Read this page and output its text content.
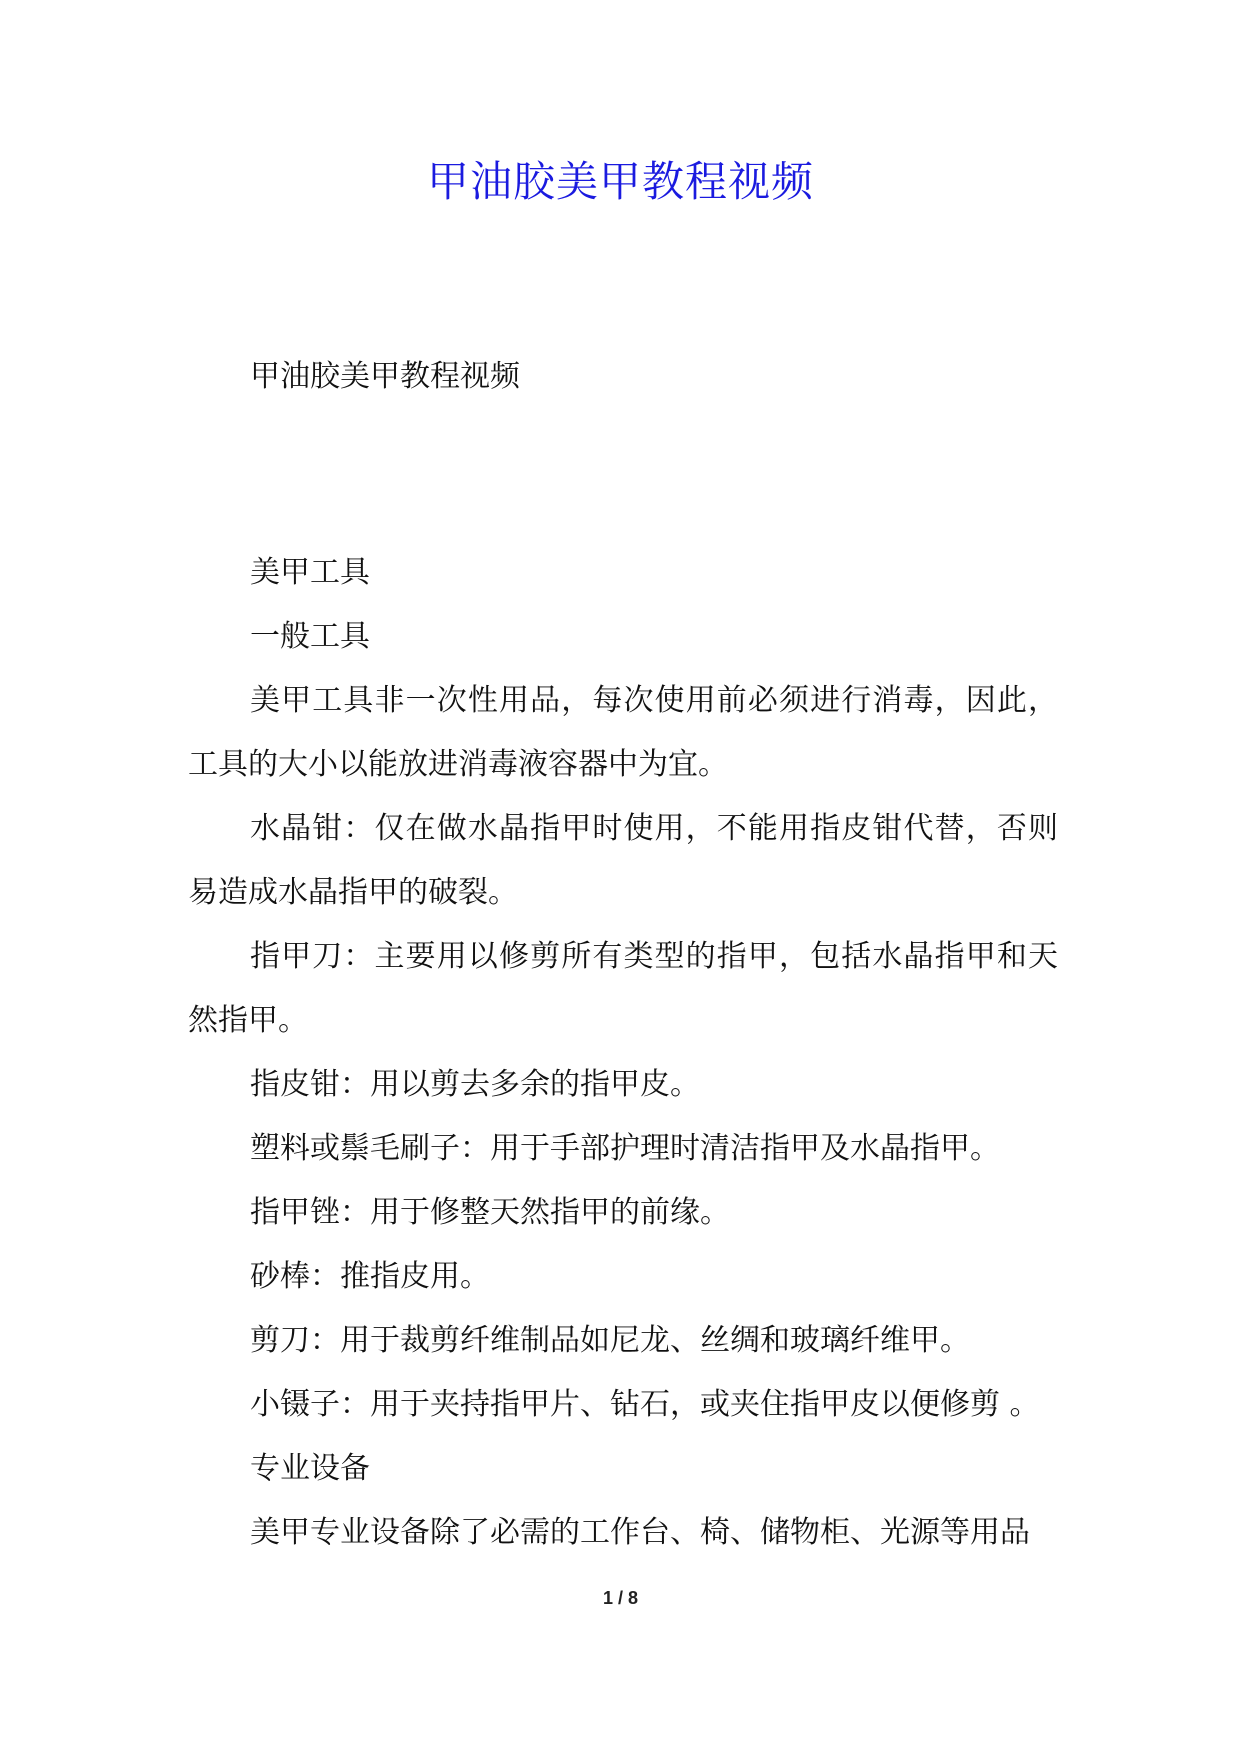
甲油胶美甲教程视频

甲油胶美甲教程视频

美甲工具

一般工具

美甲工具非一次性用品，每次使用前必须进行消毒，因此，工具的大小以能放进消毒液容器中为宜。

水晶钳：仅在做水晶指甲时使用，不能用指皮钳代替，否则易造成水晶指甲的破裂。

指甲刀：主要用以修剪所有类型的指甲，包括水晶指甲和天然指甲。

指皮钳：用以剪去多余的指甲皮。

塑料或鬃毛刷子：用于手部护理时清洁指甲及水晶指甲。

指甲锉：用于修整天然指甲的前缘。

砂棒：推指皮用。

剪刀：用于裁剪纤维制品如尼龙、丝绸和玻璃纤维甲。

小镊子：用于夹持指甲片、钻石，或夹住指甲皮以便修剪 。

专业设备

美甲专业设备除了必需的工作台、椅、储物柜、光源等用品

1 / 8
